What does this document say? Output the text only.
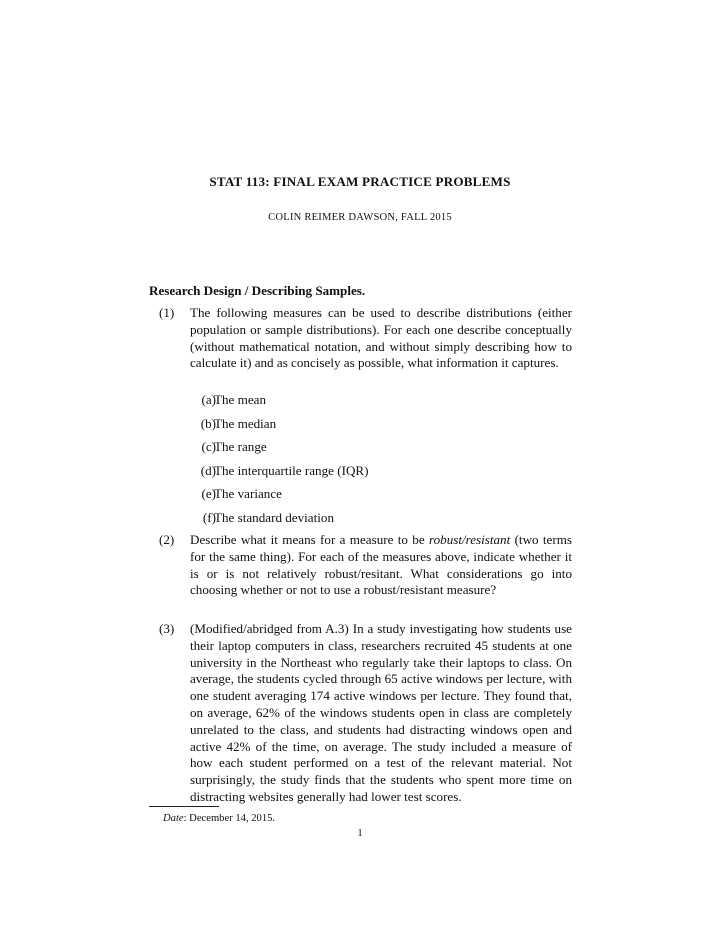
STAT 113: FINAL EXAM PRACTICE PROBLEMS
COLIN REIMER DAWSON, FALL 2015
Research Design / Describing Samples.
(1) The following measures can be used to describe distributions (either population or sample distributions). For each one describe conceptually (without mathematical notation, and without simply describing how to calculate it) and as concisely as possible, what information it captures.
(a)
The mean
(b)
The median
(c)
The range
(d)
The interquartile range (IQR)
(e)
The variance
(f)
The standard deviation
(2) Describe what it means for a measure to be robust/resistant (two terms for the same thing). For each of the measures above, indicate whether it is or is not relatively robust/resitant. What considerations go into choosing whether or not to use a robust/resistant measure?
(3) (Modified/abridged from A.3) In a study investigating how students use their laptop computers in class, researchers recruited 45 students at one university in the Northeast who regularly take their laptops to class. On average, the students cycled through 65 active windows per lecture, with one student averaging 174 active windows per lecture. They found that, on average, 62% of the windows students open in class are completely unrelated to the class, and students had distracting windows open and active 42% of the time, on average. The study included a measure of how each student performed on a test of the relevant material. Not surprisingly, the study finds that the students who spent more time on distracting websites generally had lower test scores.
Date: December 14, 2015.
1
